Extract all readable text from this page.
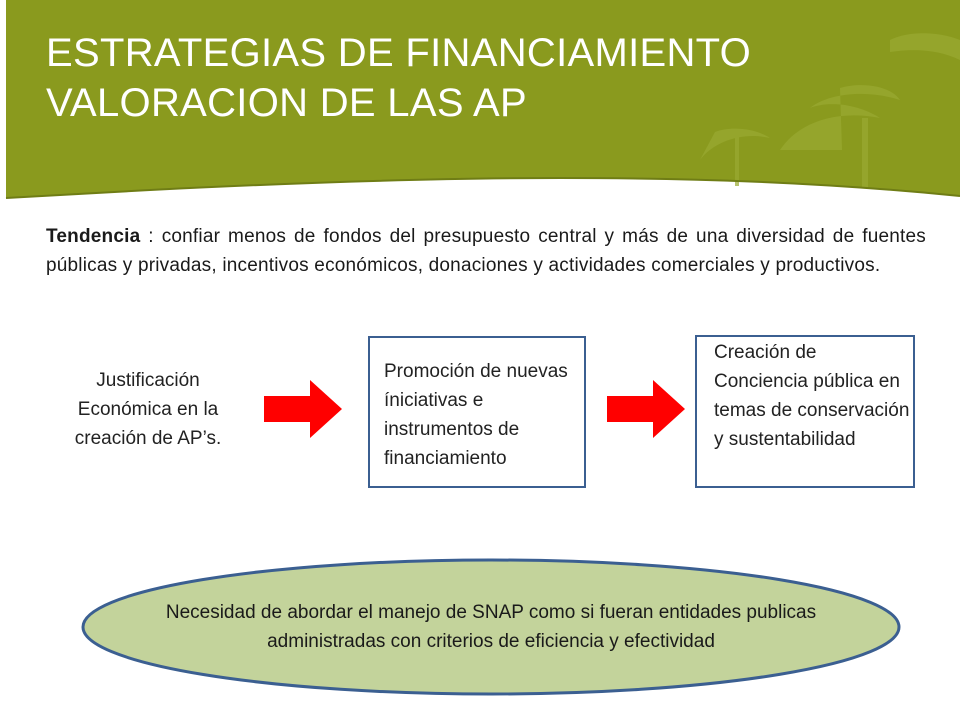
ESTRATEGIAS DE FINANCIAMIENTO
VALORACION DE LAS AP
Tendencia : confiar menos de fondos del presupuesto central y más de una diversidad de fuentes públicas y privadas, incentivos económicos, donaciones y actividades comerciales y productivos.
Justificación Económica en la creación de AP’s.
Promoción de nuevas íniciativas e instrumentos de financiamiento
Creación de Conciencia pública en temas de conservación y sustentabilidad
Necesidad de abordar el manejo de SNAP como si fueran entidades publicas administradas con criterios de eficiencia y efectividad
